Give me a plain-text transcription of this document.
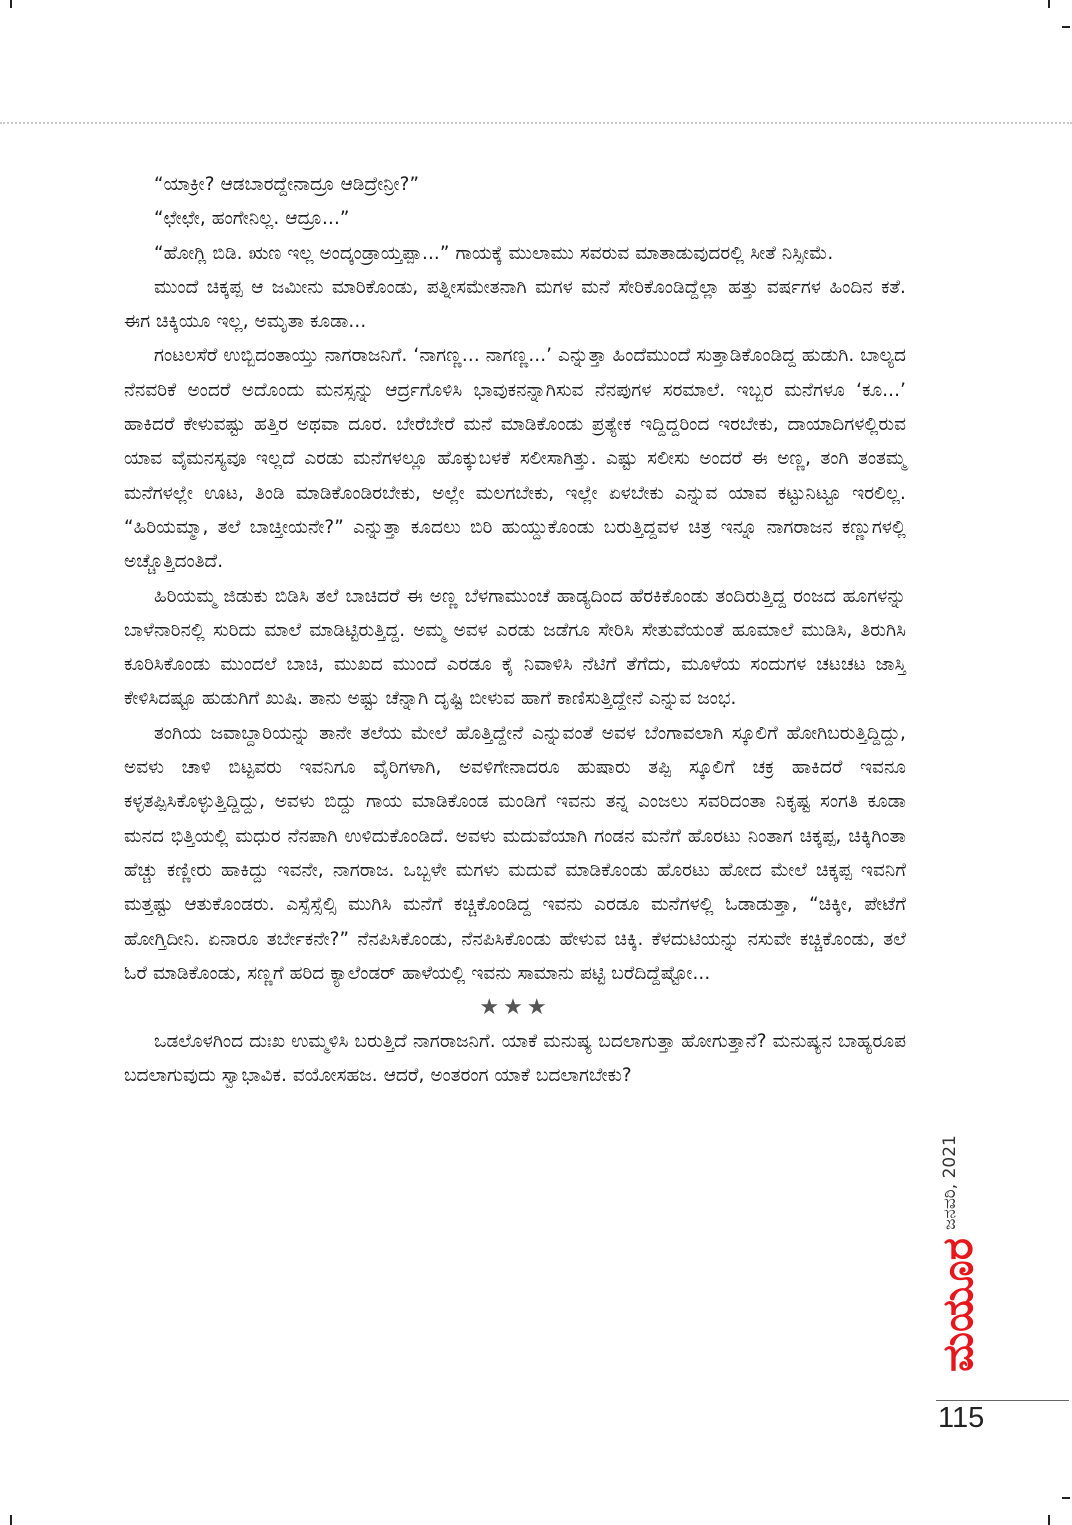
“ಯಾಕ್ರೀ? ಆಡಬಾರದ್ದೇನಾದ್ರೂ ಆಡಿದ್ರೇನ್ರೀ?”

“ಛೇಛೇ, ಹಂಗೇನಿಲ್ಲ. ಆದ್ರೂ...”

“ಹೋಗ್ಲಿ ಬಿಡಿ. ಋಣ ಇಲ್ಲ ಅಂದ್ಕಂಡ್ರಾಯ್ತಪ್ಪಾ...” ಗಾಯಕ್ಕೆ ಮುಲಾಮು ಸವರುವ ಮಾತಾಡುವುದರಲ್ಲಿ ಸೀತೆ ನಿಸ್ಸೀಮೆ.

ಮುಂದೆ ಚಿಕ್ಕಪ್ಪ ಆ ಜಮೀನು ಮಾರಿಕೊಂಡು, ಪತ್ನೀಸಮೇತನಾಗಿ ಮಗಳ ಮನೆ ಸೇರಿಕೊಂಡಿದ್ದೆಲ್ಲಾ ಹತ್ತು ವರ್ಷಗಳ ಹಿಂದಿನ ಕತೆ. ಈಗ ಚಿಕ್ಕಿಯೂ ಇಲ್ಲ, ಅಮೃತಾ ಕೂಡಾ...

ಗಂಟಲಸೆರೆ ಉಬ್ಬಿದಂತಾಯ್ತು ನಾಗರಾಜನಿಗೆ. ‘ನಾಗಣ್ಣ... ನಾಗಣ್ಣ...’ ಎನ್ನುತ್ತಾ ಹಿಂದೆಮುಂದೆ ಸುತ್ತಾಡಿಕೊಂಡಿದ್ದ ಹುಡುಗಿ. ಬಾಲ್ಯದ ನೆನವರಿಕೆ ಅಂದರೆ ಅದೊಂದು ಮನಸ್ಸನ್ನು ಆರ್ದ್ರಗೊಳಿಸಿ ಭಾವುಕನನ್ನಾಗಿಸುವ ನೆನಪುಗಳ ಸರಮಾಲೆ. ಇಬ್ಬರ ಮನೆಗಳೂ ‘ಕೂ...’ ಹಾಕಿದರೆ ಕೇಳುವಷ್ಟು ಹತ್ತಿರ ಅಥವಾ ದೂರ. ಬೇರೆಬೇರೆ ಮನೆ ಮಾಡಿಕೊಂಡು ಪ್ರತ್ಯೇಕ ಇದ್ದಿದ್ದರಿಂದ ಇರಬೇಕು, ದಾಯಾದಿಗಳಲ್ಲಿರುವ ಯಾವ ವೈಮನಸ್ಯವೂ ಇಲ್ಲದೆ ಎರಡು ಮನೆಗಳಲ್ಲೂ ಹೊಕ್ಕುಬಳಕೆ ಸಲೀಸಾಗಿತ್ತು. ಎಷ್ಟು ಸಲೀಸು ಅಂದರೆ ಈ ಅಣ್ಣ, ತಂಗಿ ತಂತಮ್ಮ ಮನೆಗಳಲ್ಲೇ ಊಟ, ತಿಂಡಿ ಮಾಡಿಕೊಂಡಿರಬೇಕು, ಅಲ್ಲೇ ಮಲಗಬೇಕು, ಇಲ್ಲೇ ಏಳಬೇಕು ಎನ್ನುವ ಯಾವ ಕಟ್ಟುನಿಟ್ಟೂ ಇರಲಿಲ್ಲ. “ಹಿರಿಯಮ್ಮಾ, ತಲೆ ಬಾಚ್ತೀಯನೇ?” ಎನ್ನುತ್ತಾ ಕೂದಲು ಬಿರಿ ಹುಯ್ದುಕೊಂಡು ಬರುತ್ತಿದ್ದವಳ ಚಿತ್ರ ಇನ್ನೂ ನಾಗರಾಜನ ಕಣ್ಣುಗಳಲ್ಲಿ ಅಚ್ಚೊತ್ತಿದಂತಿದೆ.

ಹಿರಿಯಮ್ಮ ಜಿಡುಕು ಬಿಡಿಸಿ ತಲೆ ಬಾಚಿದರೆ ಈ ಅಣ್ಣ ಬೆಳಗಾಮುಂಚೆ ಹಾಡ್ಯದಿಂದ ಹೆರಕಿಕೊಂಡು ತಂದಿರುತ್ತಿದ್ದ ರಂಜದ ಹೂಗಳನ್ನು ಬಾಳೆನಾರಿನಲ್ಲಿ ಸುರಿದು ಮಾಲೆ ಮಾಡಿಟ್ಟಿರುತ್ತಿದ್ದ. ಅಮ್ಮ ಅವಳ ಎರಡು ಜಡೆಗೂ ಸೇರಿಸಿ ಸೇತುವೆಯಂತೆ ಹೂಮಾಲೆ ಮುಡಿಸಿ, ತಿರುಗಿಸಿ ಕೂರಿಸಿಕೊಂಡು ಮುಂದಲೆ ಬಾಚಿ, ಮುಖದ ಮುಂದೆ ಎರಡೂ ಕೈ ನಿವಾಳಿಸಿ ನೆಟಿಗೆ ತೆಗೆದು, ಮೂಳೆಯ ಸಂದುಗಳ ಚಟಚಟ ಜಾಸ್ತಿ ಕೇಳಿಸಿದಷ್ಟೂ ಹುಡುಗಿಗೆ ಖುಷಿ. ತಾನು ಅಷ್ಟು ಚೆನ್ನಾಗಿ ದೃಷ್ಟಿ ಬೀಳುವ ಹಾಗೆ ಕಾಣಿಸುತ್ತಿದ್ದೇನೆ ಎನ್ನುವ ಜಂಭ.

ತಂಗಿಯ ಜವಾಬ್ದಾರಿಯನ್ನು ತಾನೇ ತಲೆಯ ಮೇಲೆ ಹೊತ್ತಿದ್ದೇನೆ ಎನ್ನುವಂತೆ ಅವಳ ಬೆಂಗಾವಲಾಗಿ ಸ್ಕೂಲಿಗೆ ಹೋಗಿಬರುತ್ತಿದ್ದಿದ್ದು, ಅವಳು ಚಾಳಿ ಬಿಟ್ಟವರು ಇವನಿಗೂ ವೈರಿಗಳಾಗಿ, ಅವಳಿಗೇನಾದರೂ ಹುಷಾರು ತಪ್ಪಿ ಸ್ಕೂಲಿಗೆ ಚಕ್ರ ಹಾಕಿದರೆ ಇವನೂ ಕಳ್ಳತಪ್ಪಿಸಿಕೊಳ್ಳುತ್ತಿದ್ದಿದ್ದು, ಅವಳು ಬಿದ್ದು ಗಾಯ ಮಾಡಿಕೊಂಡ ಮಂಡಿಗೆ ಇವನು ತನ್ನ ಎಂಜಲು ಸವರಿದಂತಾ ನಿಕೃಷ್ಟ ಸಂಗತಿ ಕೂಡಾ ಮನದ ಭಿತ್ತಿಯಲ್ಲಿ ಮಧುರ ನೆನಪಾಗಿ ಉಳಿದುಕೊಂಡಿದೆ. ಅವಳು ಮದುವೆಯಾಗಿ ಗಂಡನ ಮನೆಗೆ ಹೊರಟು ನಿಂತಾಗ ಚಿಕ್ಕಪ್ಪ, ಚಿಕ್ಕಿಗಿಂತಾ ಹೆಚ್ಚು ಕಣ್ಣೀರು ಹಾಕಿದ್ದು ಇವನೇ, ನಾಗರಾಜ. ಒಬ್ಬಳೇ ಮಗಳು ಮದುವೆ ಮಾಡಿಕೊಂಡು ಹೊರಟು ಹೋದ ಮೇಲೆ ಚಿಕ್ಕಪ್ಪ ಇವನಿಗೆ ಮತ್ತಷ್ಟು ಆತುಕೊಂಡರು. ಎಸ್ಸೆಸ್ಸೆಲ್ಸಿ ಮುಗಿಸಿ ಮನೆಗೆ ಕಚ್ಚಿಕೊಂಡಿದ್ದ ಇವನು ಎರಡೂ ಮನೆಗಳಲ್ಲಿ ಓಡಾಡುತ್ತಾ, “ಚಿಕ್ಕೀ, ಪೇಟೆಗೆ ಹೋಗ್ತಿದೀನಿ. ಏನಾರೂ ತರ್ಬೇಕನೇ?” ನೆನಪಿಸಿಕೊಂಡು, ನೆನಪಿಸಿಕೊಂಡು ಹೇಳುವ ಚಿಕ್ಕಿ. ಕೆಳದುಟಿಯನ್ನು ನಸುವೇ ಕಚ್ಚಿಕೊಂಡು, ತಲೆ ಓರೆ ಮಾಡಿಕೊಂಡು, ಸಣ್ಣಗೆ ಹರಿದ ಕ್ಯಾಲೆಂಡರ್ ಹಾಳೆಯಲ್ಲಿ ಇವನು ಸಾಮಾನು ಪಟ್ಟಿ ಬರೆದಿದ್ದೆಷ್ಟೋ...

★★★

ಒಡಲೊಳಗಿಂದ ದುಃಖ ಉಮ್ಮಳಿಸಿ ಬರುತ್ತಿದೆ ನಾಗರಾಜನಿಗೆ. ಯಾಕೆ ಮನುಷ್ಯ ಬದಲಾಗುತ್ತಾ ಹೋಗುತ್ತಾನೆ? ಮನುಷ್ಯನ ಬಾಹ್ಯರೂಪ ಬದಲಾಗುವುದು ಸ್ವಾಭಾವಿಕ. ವಯೋಸಹಜ. ಆದರೆ, ಅಂತರಂಗ ಯಾಕೆ ಬದಲಾಗಬೇಕು?

ಜನವರಿ, 2021
ಮಯೂರ
115
